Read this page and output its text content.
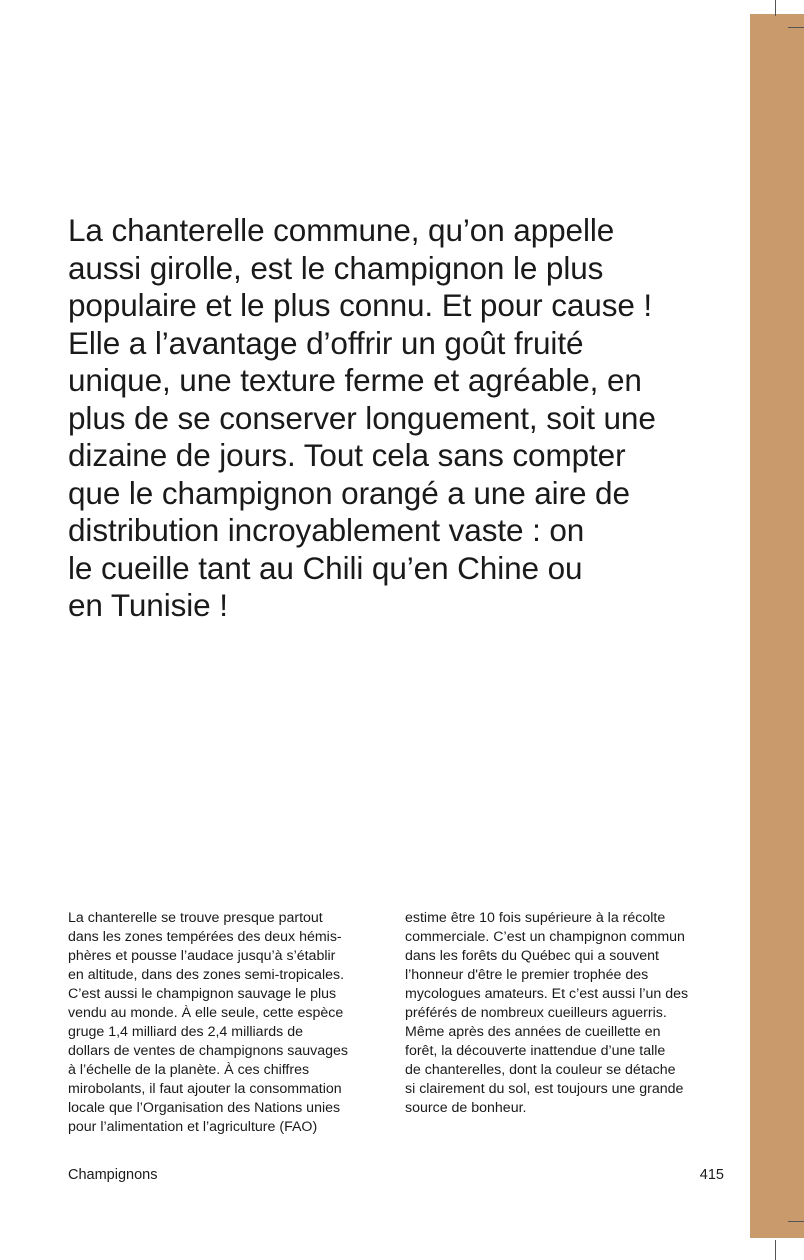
La chanterelle commune, qu’on appelle
aussi girolle, est le champignon le plus
populaire et le plus connu. Et pour cause !
Elle a l’avantage d’offrir un goût fruité
unique, une texture ferme et agréable, en
plus de se conserver longuement, soit une
dizaine de jours. Tout cela sans compter
que le champignon orangé a une aire de
distribution incroyablement vaste : on
le cueille tant au Chili qu’en Chine ou
en Tunisie !

La chanterelle se trouve presque partout
dans les zones tempérées des deux hémis-
phères et pousse l’audace jusqu’à s’établir
en altitude, dans des zones semi-tropicales.
C’est aussi le champignon sauvage le plus
vendu au monde. À elle seule, cette espèce
gruge 1,4 milliard des 2,4 milliards de
dollars de ventes de champignons sauvages
à l’échelle de la planète. À ces chiffres
mirobolants, il faut ajouter la consommation
locale que l’Organisation des Nations unies
pour l’alimentation et l’agriculture (FAO)

estime être 10 fois supérieure à la récolte
commerciale. C’est un champignon commun
dans les forêts du Québec qui a souvent
l’honneur d'être le premier trophée des
mycologues amateurs. Et c’est aussi l’un des
préférés de nombreux cueilleurs aguerris.
Même après des années de cueillette en
forêt, la découverte inattendue d’une talle
de chanterelles, dont la couleur se détache
si clairement du sol, est toujours une grande
source de bonheur.

Champignons	415
